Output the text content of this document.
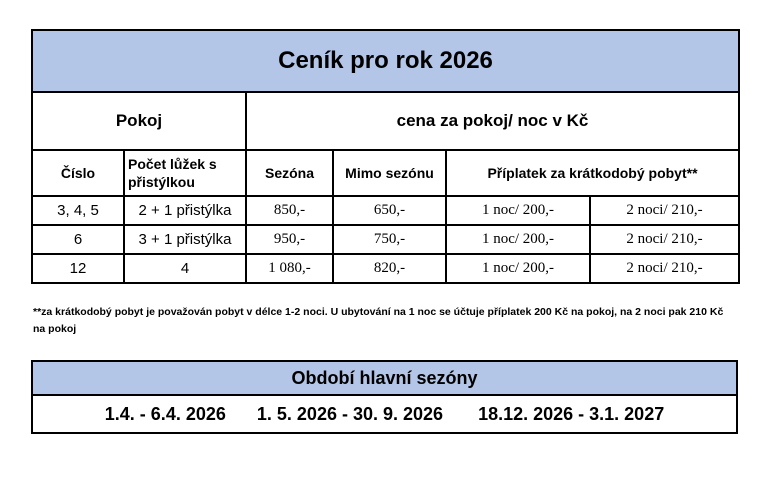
Ceník pro rok 2026					
Pokoj		cena za pokoj/ noc v Kč			
Číslo	Počet lůžek s přistýlkou	Sezóna	Mimo sezónu	Příplatek za krátkodobý pobyt**	
3, 4, 5	2 + 1 přistýlka	850,-	650,-	1 noc/ 200,-	2 noci/ 210,-
6	3 + 1 přistýlka	950,-	750,-	1 noc/ 200,-	2 noci/ 210,-
12	4	1 080,-	820,-	1 noc/ 200,-	2 noci/ 210,-
**za krátkodobý pobyt je považován pobyt v délce 1-2 noci. U ubytování na 1 noc se účtuje příplatek 200 Kč na pokoj, na 2 noci pak 210 Kč na pokoj
Období hlavní sezóny
1.4. - 6.4. 2026 1. 5. 2026 - 30. 9. 2026 18.12. 2026 - 3.1. 2027
